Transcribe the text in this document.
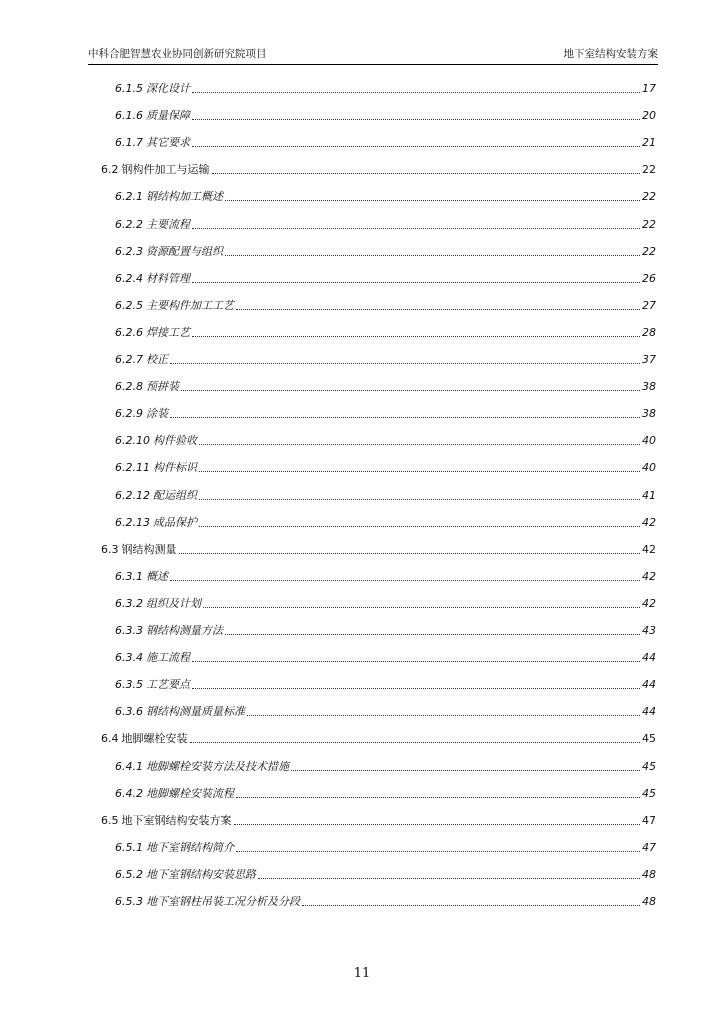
中科合肥智慧农业协同创新研究院项目	地下室结构安装方案
6.1.5 深化设计	17
6.1.6 质量保障	20
6.1.7 其它要求	21
6.2 钢构件加工与运输	22
6.2.1 钢结构加工概述	22
6.2.2 主要流程	22
6.2.3 资源配置与组织	22
6.2.4 材料管理	26
6.2.5 主要构件加工工艺	27
6.2.6 焊接工艺	28
6.2.7 校正	37
6.2.8 预拼装	38
6.2.9 涂装	38
6.2.10 构件验收	40
6.2.11 构件标识	40
6.2.12 配运组织	41
6.2.13 成品保护	42
6.3 钢结构测量	42
6.3.1 概述	42
6.3.2 组织及计划	42
6.3.3 钢结构测量方法	43
6.3.4 施工流程	44
6.3.5 工艺要点	44
6.3.6 钢结构测量质量标准	44
6.4 地脚螺栓安装	45
6.4.1 地脚螺栓安装方法及技术措施	45
6.4.2 地脚螺栓安装流程	45
6.5 地下室钢结构安装方案	47
6.5.1 地下室钢结构简介	47
6.5.2 地下室钢结构安装思路	48
6.5.3 地下室钢柱吊装工况分析及分段	48
11
